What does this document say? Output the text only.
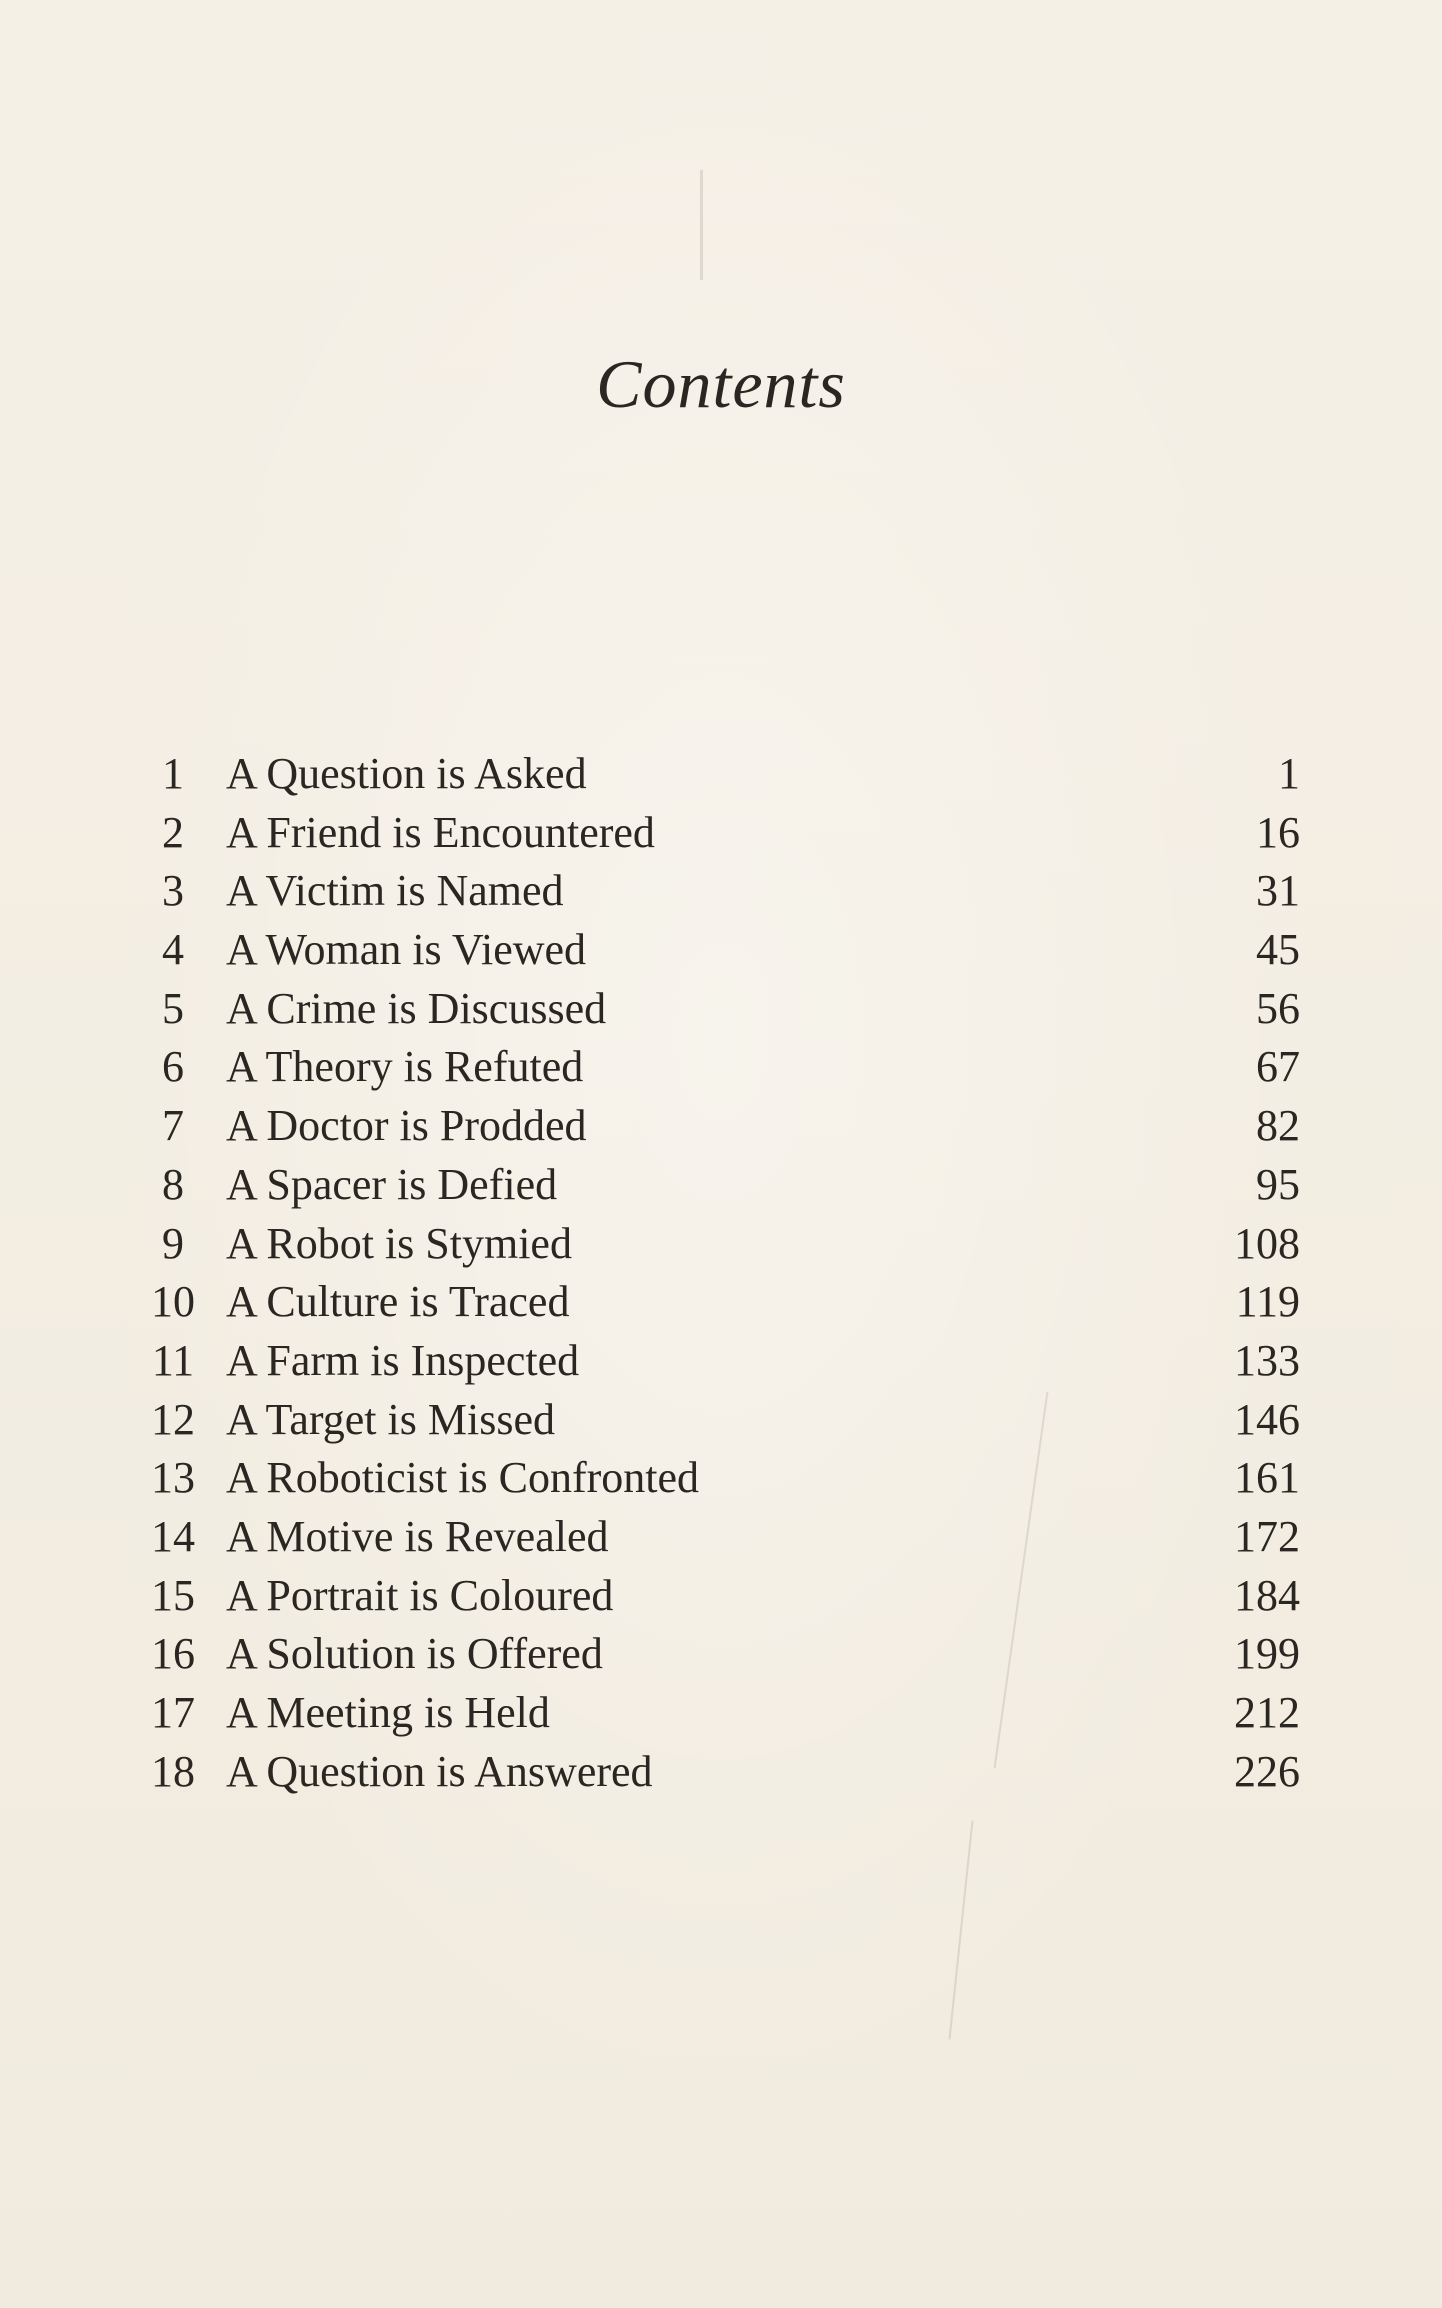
Contents
1 A Question is Asked	1
2 A Friend is Encountered	16
3 A Victim is Named	31
4 A Woman is Viewed	45
5 A Crime is Discussed	56
6 A Theory is Refuted	67
7 A Doctor is Prodded	82
8 A Spacer is Defied	95
9 A Robot is Stymied	108
10 A Culture is Traced	119
11 A Farm is Inspected	133
12 A Target is Missed	146
13 A Roboticist is Confronted	161
14 A Motive is Revealed	172
15 A Portrait is Coloured	184
16 A Solution is Offered	199
17 A Meeting is Held	212
18 A Question is Answered	226
